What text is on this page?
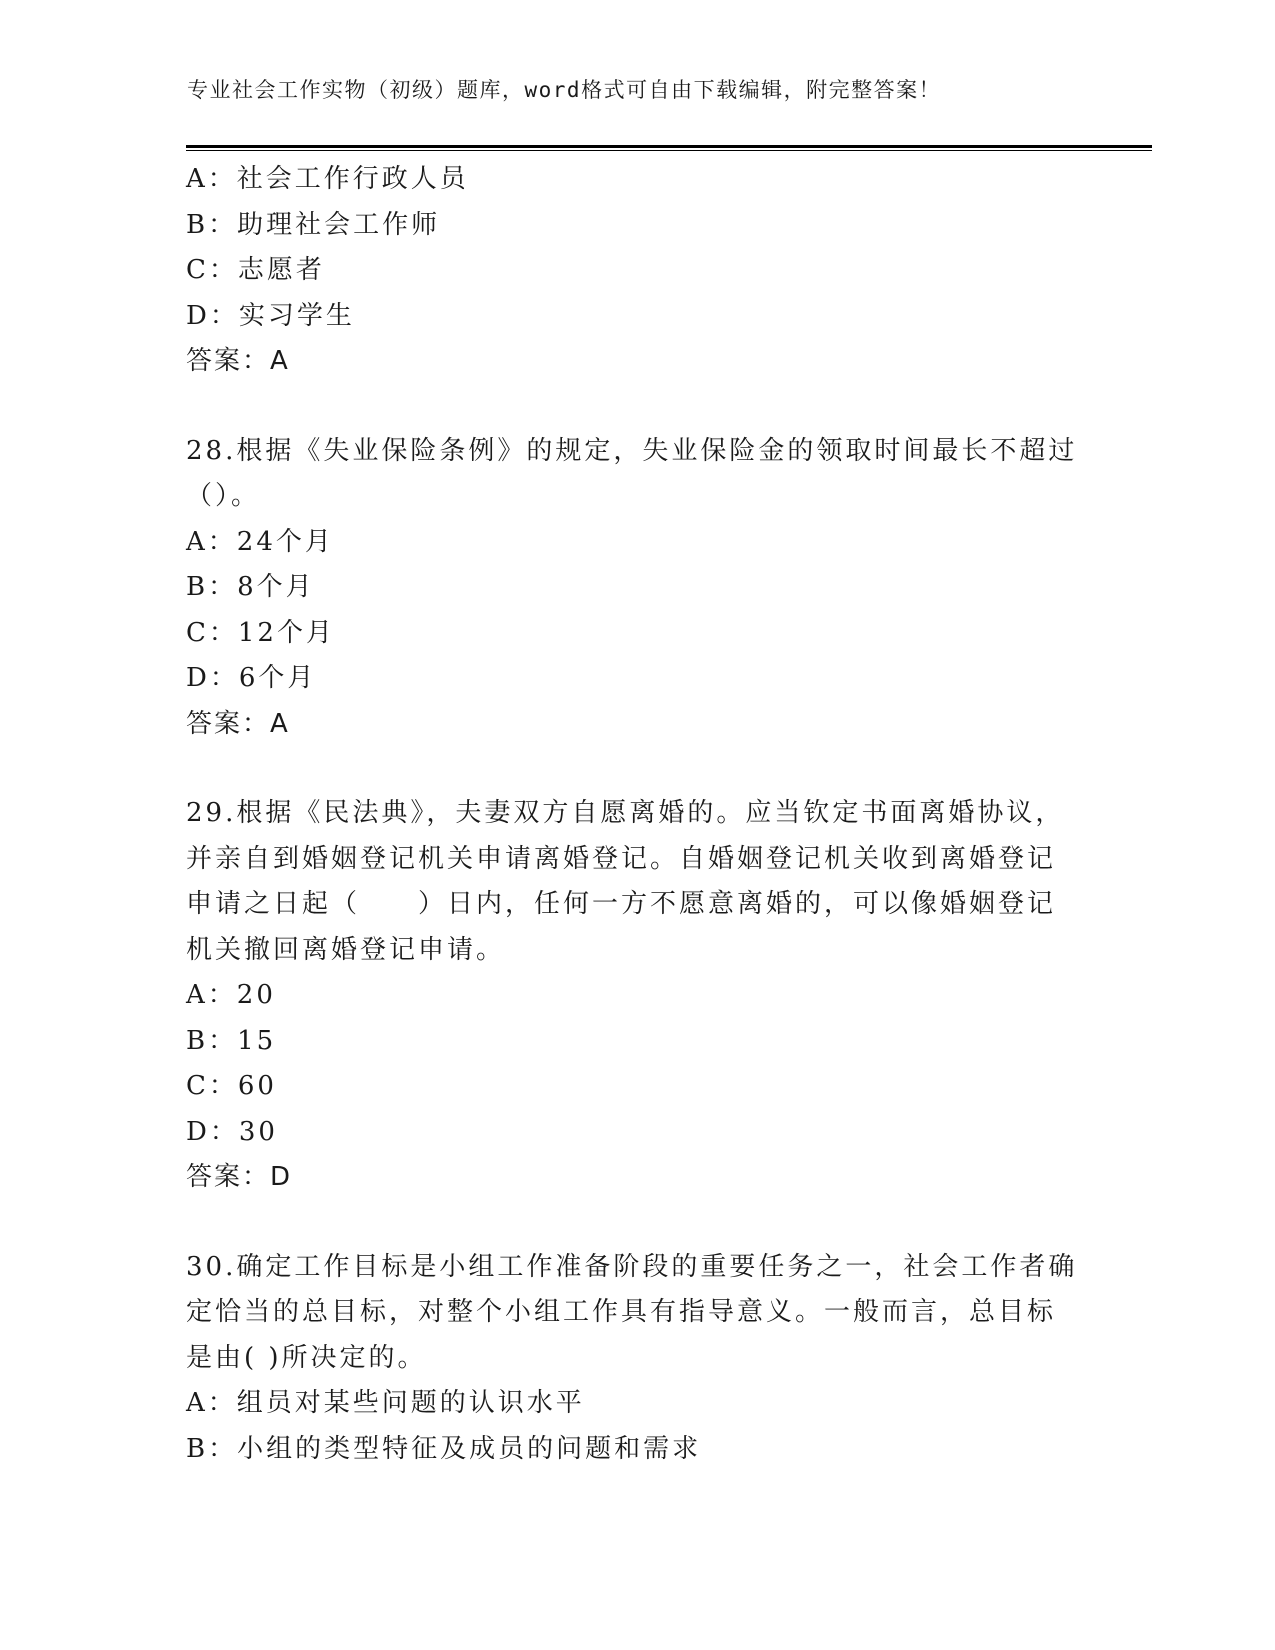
专业社会工作实物（初级）题库，word格式可自由下载编辑，附完整答案！
A：社会工作行政人员
B：助理社会工作师
C：志愿者
D：实习学生
答案：A
28.根据《失业保险条例》的规定，失业保险金的领取时间最长不超过
（）。
A：24个月
B：8个月
C：12个月
D：6个月
答案：A
29.根据《民法典》，夫妻双方自愿离婚的。应当钦定书面离婚协议，
并亲自到婚姻登记机关申请离婚登记。自婚姻登记机关收到离婚登记
申请之日起（　　）日内，任何一方不愿意离婚的，可以像婚姻登记
机关撤回离婚登记申请。
A：20
B：15
C：60
D：30
答案：D
30.确定工作目标是小组工作准备阶段的重要任务之一，社会工作者确
定恰当的总目标，对整个小组工作具有指导意义。一般而言，总目标
是由( )所决定的。
A：组员对某些问题的认识水平
B：小组的类型特征及成员的问题和需求
